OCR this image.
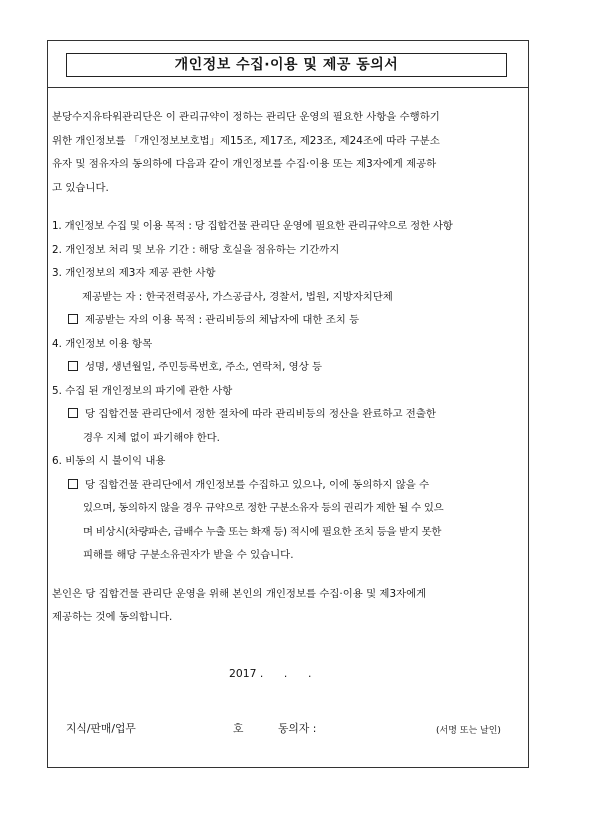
개인정보 수집·이용 및 제공 동의서
분당수지유타워관리단은 이 관리규약이 정하는 관리단 운영의 필요한 사항을 수행하기
위한 개인정보를 「개인정보보호법」제15조, 제17조, 제23조, 제24조에 따라 구분소
유자 및 점유자의 동의하에 다음과 같이 개인정보를 수집·이용 또는 제3자에게 제공하
고 있습니다.
1. 개인정보 수집 및 이용 목적 : 당 집합건물 관리단 운영에 필요한 관리규약으로 정한 사항
2. 개인정보 처리 및 보유 기간 : 해당 호실을 점유하는 기간까지
3. 개인정보의 제3자 제공 관한 사항
제공받는 자 : 한국전력공사, 가스공급사, 경찰서, 법원, 지방자치단체
제공받는 자의 이용 목적 : 관리비등의 체납자에 대한 조치 등
4. 개인정보 이용 항목
성명, 생년월일, 주민등록번호, 주소, 연락처, 영상 등
5. 수집 된 개인정보의 파기에 관한 사항
당 집합건물 관리단에서 정한 절차에 따라 관리비등의 정산을 완료하고 전출한
경우 지체 없이 파기해야 한다.
6. 비동의 시 불이익 내용
당 집합건물 관리단에서 개인정보를 수집하고 있으나, 이에 동의하지 않을 수
있으며, 동의하지 않을 경우 규약으로 정한 구분소유자 등의 권리가 제한 될 수 있으
며 비상시(차량파손, 급배수 누출 또는 화재 등) 적시에 필요한 조치 등을 받지 못한
피해를 해당 구분소유권자가 받을 수 있습니다.
본인은 당 집합건물 관리단 운영을 위해 본인의 개인정보를 수집·이용 및 제3자에게
제공하는 것에 동의합니다.
2017 .      .      .
지식/판매/업무	호	동의자 :	(서명 또는 날인)
